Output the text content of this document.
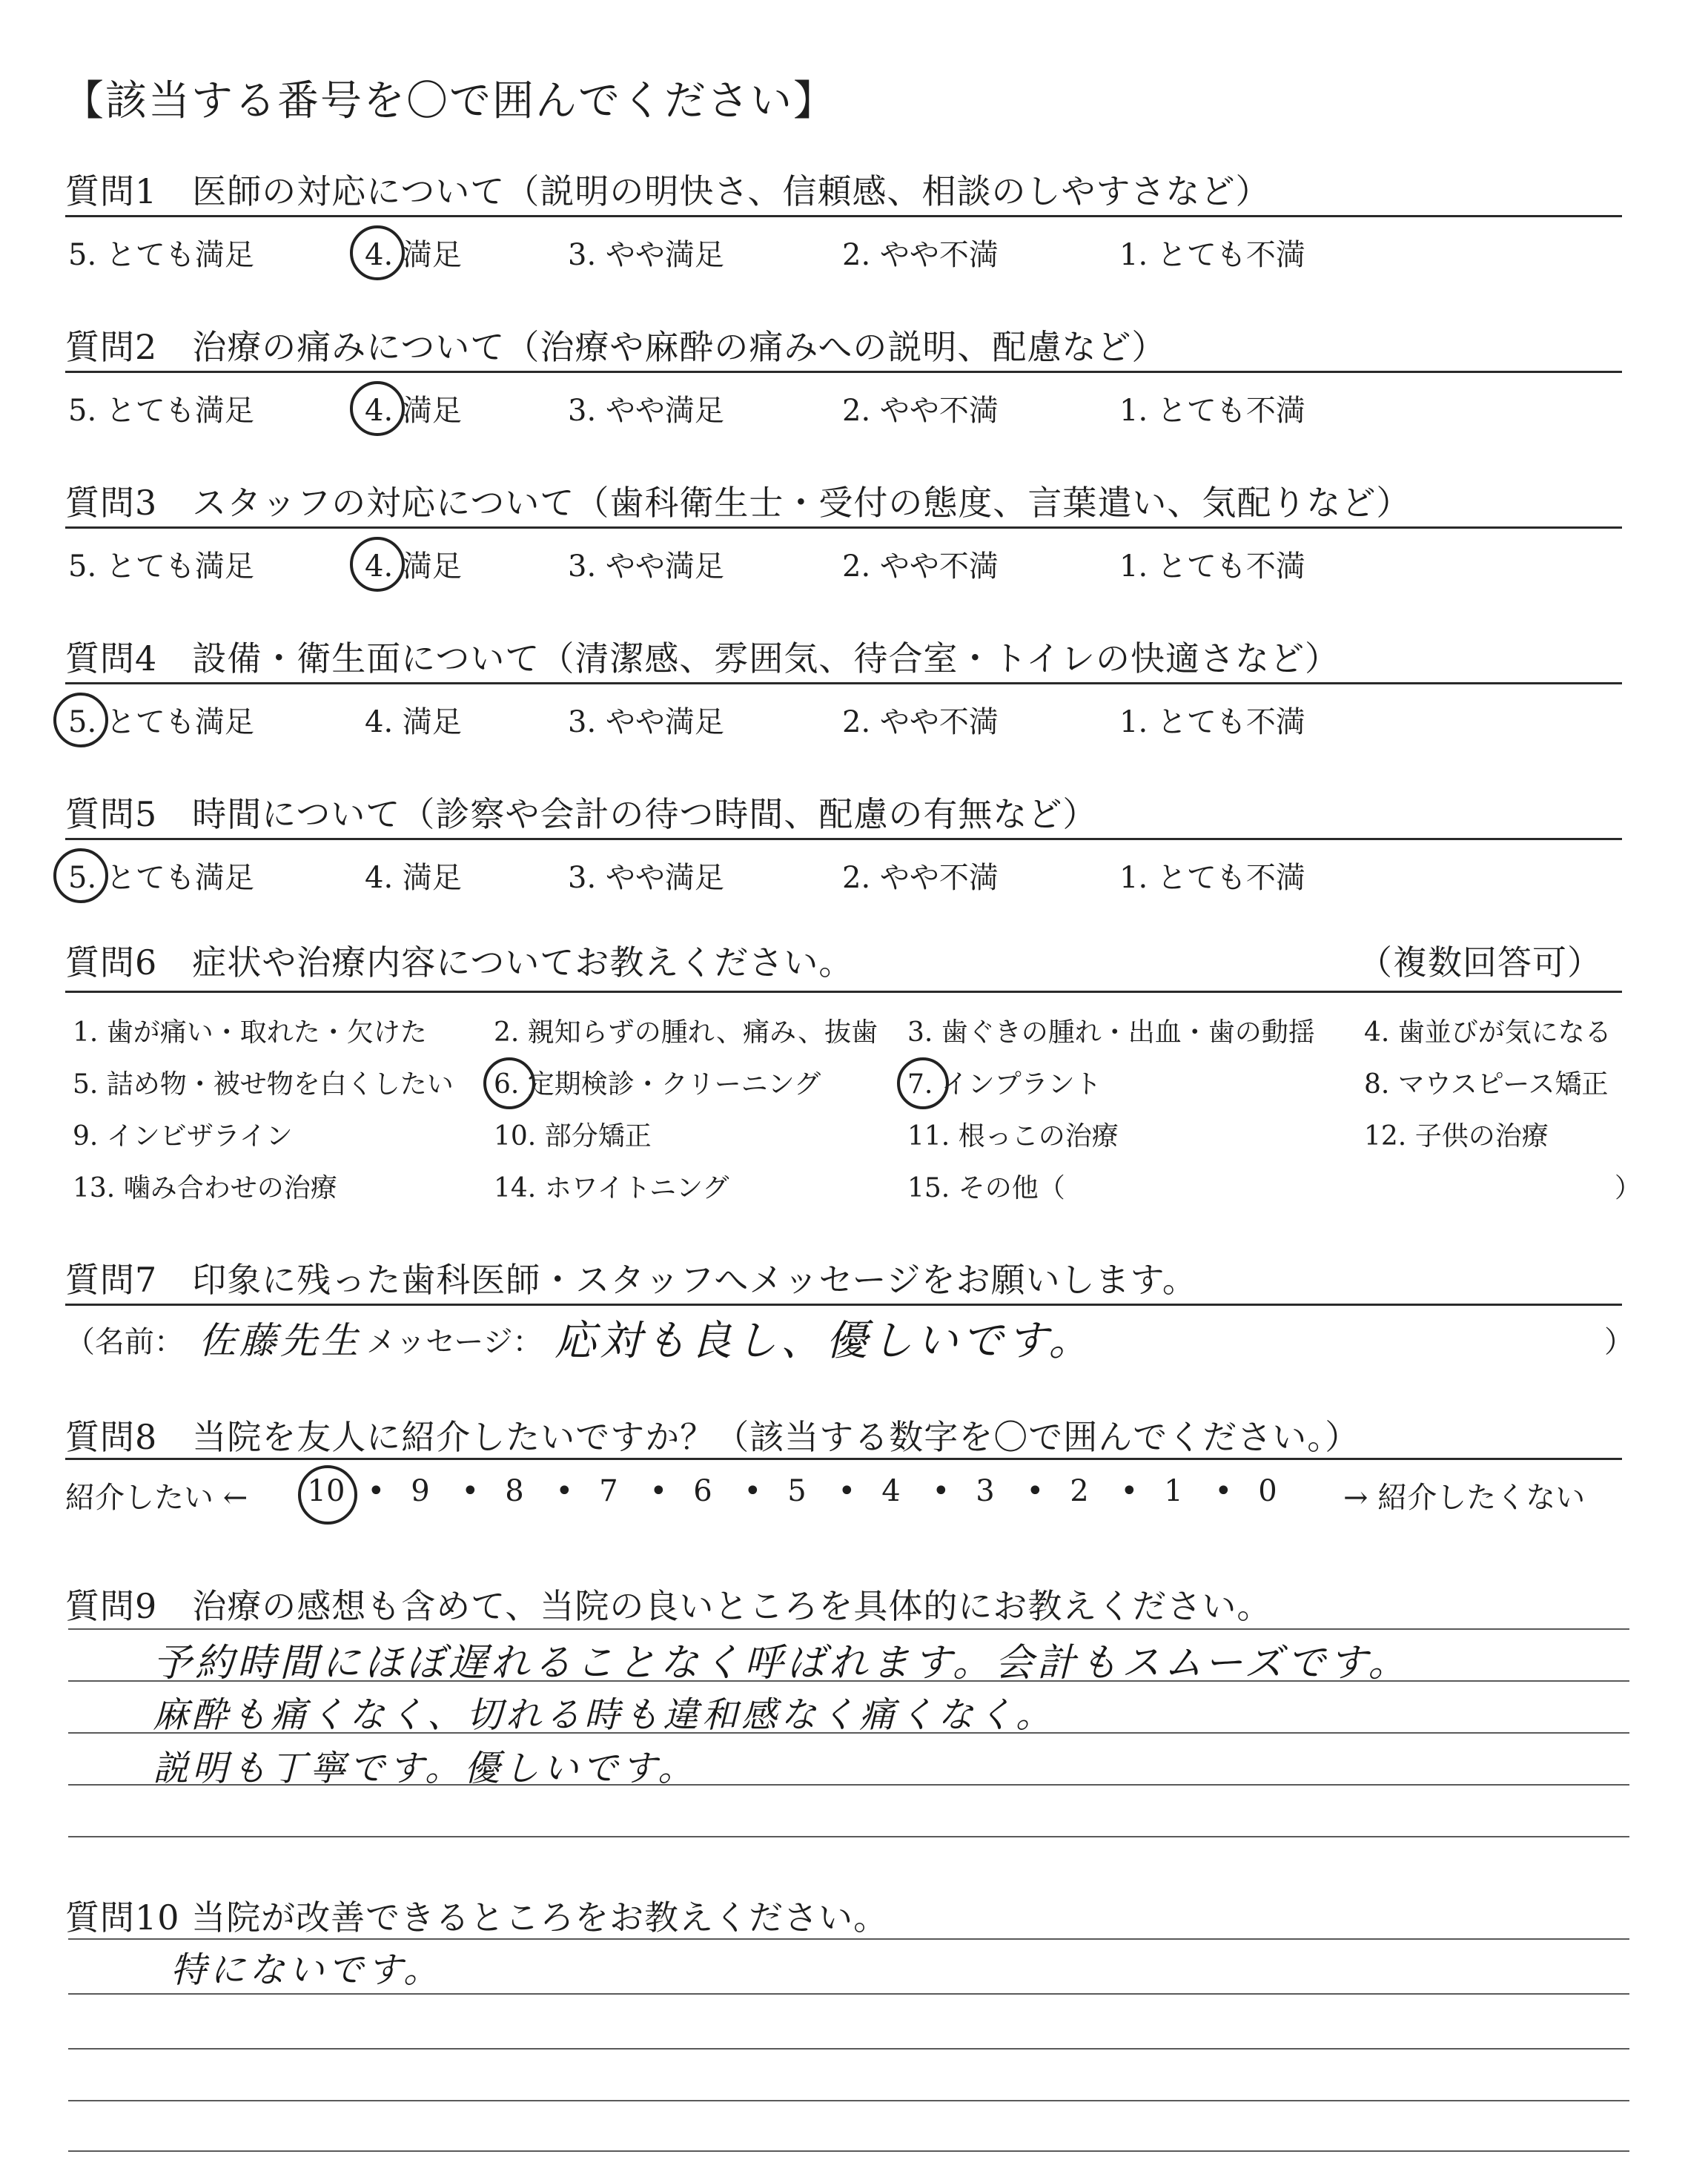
【該当する番号を〇で囲んでください】
質問1　医師の対応について（説明の明快さ、信頼感、相談のしやすさなど）
5. とても満足	4. 満足	3. やや満足	2. やや不満	1. とても不満
質問2　治療の痛みについて（治療や麻酔の痛みへの説明、配慮など）
5. とても満足	4. 満足	3. やや満足	2. やや不満	1. とても不満
質問3　スタッフの対応について（歯科衛生士・受付の態度、言葉遣い、気配りなど）
5. とても満足	4. 満足	3. やや満足	2. やや不満	1. とても不満
質問4　設備・衛生面について（清潔感、雰囲気、待合室・トイレの快適さなど）
5. とても満足	4. 満足	3. やや満足	2. やや不満	1. とても不満
質問5　時間について（診察や会計の待つ時間、配慮の有無など）
5. とても満足	4. 満足	3. やや満足	2. やや不満	1. とても不満
質問6　症状や治療内容についてお教えください。	（複数回答可）
1. 歯が痛い・取れた・欠けた	2. 親知らずの腫れ、痛み、抜歯 3. 歯ぐきの腫れ・出血・歯の動揺 4. 歯並びが気になる
5. 詰め物・被せ物を白くしたい 6. 定期検診・クリーニング	7. インプラント	8. マウスピース矯正
9. インビザライン	10. 部分矯正	11. 根っこの治療	12. 子供の治療
13. 噛み合わせの治療	14. ホワイトニング	15. その他（	）
質問7　印象に残った歯科医師・スタッフへメッセージをお願いします。
（名前： 佐藤先生 メッセージ： 応対も良し、優しいです。	）
質問8　当院を友人に紹介したいですか？（該当する数字を〇で囲んでください。）
紹介したい ←	→ 紹介したくない
10 • 9	• 8	• 7	• 6	• 5	• 4	• 3	• 2	• 1	• 0
質問9　治療の感想も含めて、当院の良いところを具体的にお教えください。
予約時間にほぼ遅れることなく呼ばれます。会計もスムーズです。
麻酔も痛くなく、切れる時も違和感なく痛くなく。
説明も丁寧です。優しいです。
質問10 当院が改善できるところをお教えください。
特にないです。
